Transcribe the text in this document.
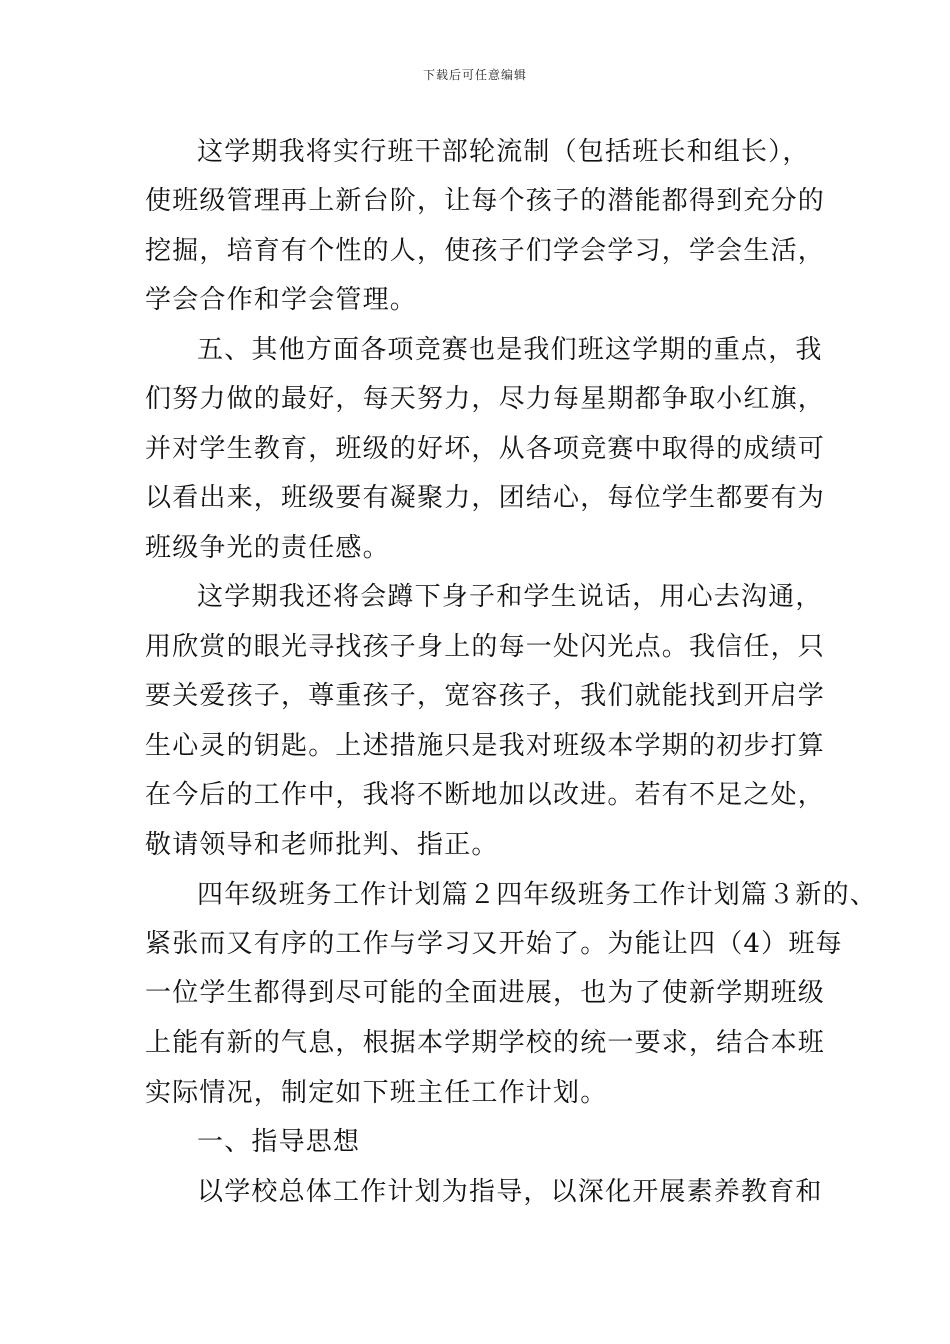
下载后可任意编辑
这学期我将实行班干部轮流制（包括班长和组长），
使班级管理再上新台阶，让每个孩子的潜能都得到充分的
挖掘，培育有个性的人，使孩子们学会学习，学会生活，
学会合作和学会管理。
五、其他方面各项竞赛也是我们班这学期的重点，我
们努力做的最好，每天努力，尽力每星期都争取小红旗，
并对学生教育，班级的好坏，从各项竞赛中取得的成绩可
以看出来，班级要有凝聚力，团结心，每位学生都要有为
班级争光的责任感。
这学期我还将会蹲下身子和学生说话，用心去沟通，
用欣赏的眼光寻找孩子身上的每一处闪光点。我信任，只
要关爱孩子，尊重孩子，宽容孩子，我们就能找到开启学
生心灵的钥匙。上述措施只是我对班级本学期的初步打算
在今后的工作中，我将不断地加以改进。若有不足之处，
敬请领导和老师批判、指正。
四年级班务工作计划篇２四年级班务工作计划篇３新的、
紧张而又有序的工作与学习又开始了。为能让四（4）班每
一位学生都得到尽可能的全面进展，也为了使新学期班级
上能有新的气息，根据本学期学校的统一要求，结合本班
实际情况，制定如下班主任工作计划。
一、指导思想
以学校总体工作计划为指导，以深化开展素养教育和
